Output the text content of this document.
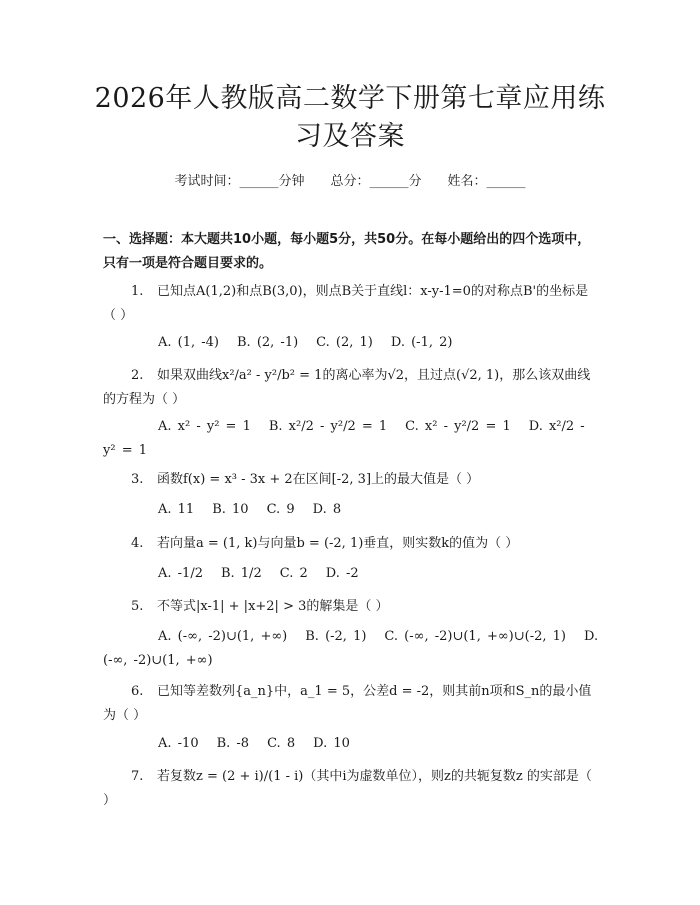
2026年人教版高二数学下册第七章应用练习及答案
考试时间：______分钟 总分：______分 姓名：______
一、选择题：本大题共10小题，每小题5分，共50分。在每小题给出的四个选项中，只有一项是符合题目要求的。
1. 已知点A(1,2)和点B(3,0)，则点B关于直线l：x-y-1=0的对称点B'的坐标是（ ）
A. (1, -4) B. (2, -1) C. (2, 1) D. (-1, 2)
2. 如果双曲线x²/a² - y²/b² = 1的离心率为√2，且过点(√2, 1)，那么该双曲线的方程为（ ）
A. x² - y² = 1 B. x²/2 - y²/2 = 1 C. x² - y²/2 = 1 D. x²/2 - y² = 1
3. 函数f(x) = x³ - 3x + 2在区间[-2, 3]上的最大值是（ ）
A. 11 B. 10 C. 9 D. 8
4. 若向量a = (1, k)与向量b = (-2, 1)垂直，则实数k的值为（ ）
A. -1/2 B. 1/2 C. 2 D. -2
5. 不等式|x-1| + |x+2| > 3的解集是（ ）
A. (-∞, -2)∪(1, +∞) B. (-2, 1) C. (-∞, -2)∪(1, +∞)∪(-2, 1) D. (-∞, -2)∪(1, +∞)
6. 已知等差数列{a_n}中，a_1 = 5，公差d = -2，则其前n项和S_n的最小值为（ ）
A. -10 B. -8 C. 8 D. 10
7. 若复数z = (2 + i)/(1 - i)（其中i为虚数单位），则z的共轭复数z 的实部是（ ）
